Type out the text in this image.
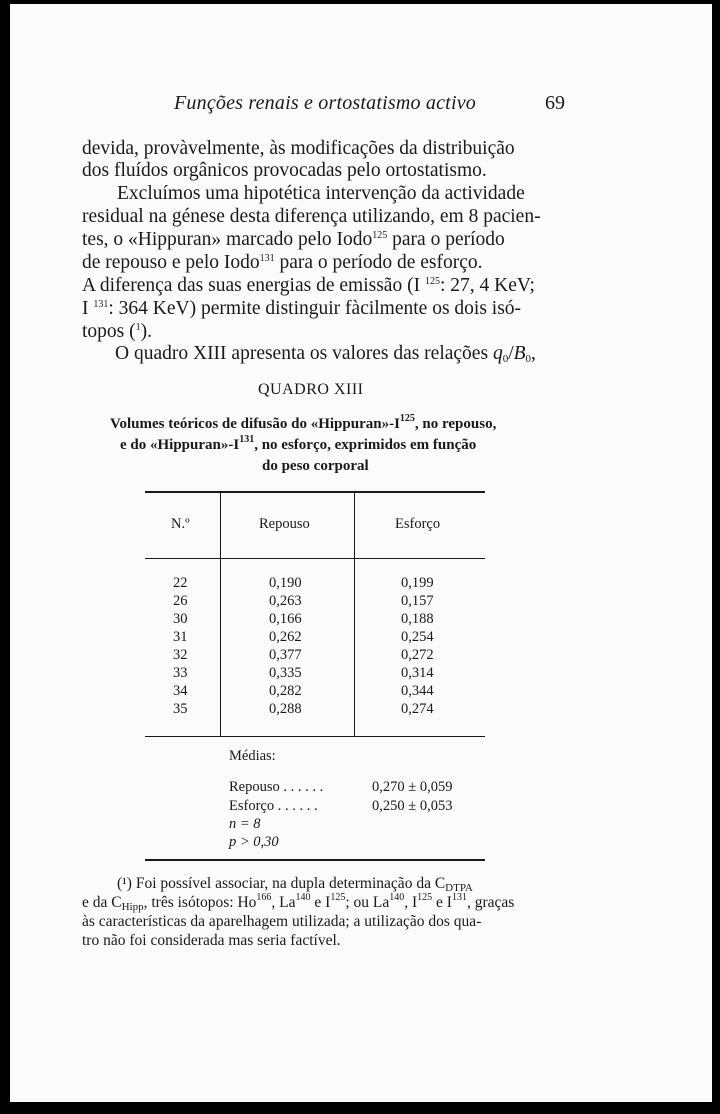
Funções renais e ortostatismo activo	69
devida, provàvelmente, às modificações da distribuição
dos fluídos orgânicos provocadas pelo ortostatismo.
Excluímos uma hipotética intervenção da actividade
residual na génese desta diferença utilizando, em 8 pacien-
tes, o «Hippuran» marcado pelo Iodo$^{125}$ para o período
de repouso e pelo Iodo$^{131}$ para o período de esforço.
A diferença das suas energias de emissão (I $^{125}$: 27, 4 KeV;
I $^{131}$: 364 KeV) permite distinguir fàcilmente os dois isó-
topos ($^1$).
O quadro XIII apresenta os valores das relações $q_0/B_0$,
QUADRO XIII
Volumes teóricos de difusão do «$Hippuran»-I^{125}$, no repouso,
e do «$Hippuran»-I^{131}$, no esforço, exprimidos em função
do peso corporal
N.º	Repouso	Esforço
22	0,190	0,199
26	0,263	0,157
30	0,166	0,188
31	0,262	0,254
32	0,377	0,272
33	0,335	0,314
34	0,282	0,344
35	0,288	0,274
Médias:
Repouso . . . . . .	0,270 ± 0,059
Esforço . . . . . .	0,250 ± 0,053
n = 8
p > 0,30
(¹) Foi possível associar, na dupla determinação da $C_{DTPA}$
e da $C_{Hipp}$, três isótopos: Ho$^{166}$, La$^{140}$ e $I^{125}$; ou La$^{140}$, $I^{125}$ e $I^{131}$, graças
às características da aparelhagem utilizada; a utilização dos qua-
tro não foi considerada mas seria factível.
